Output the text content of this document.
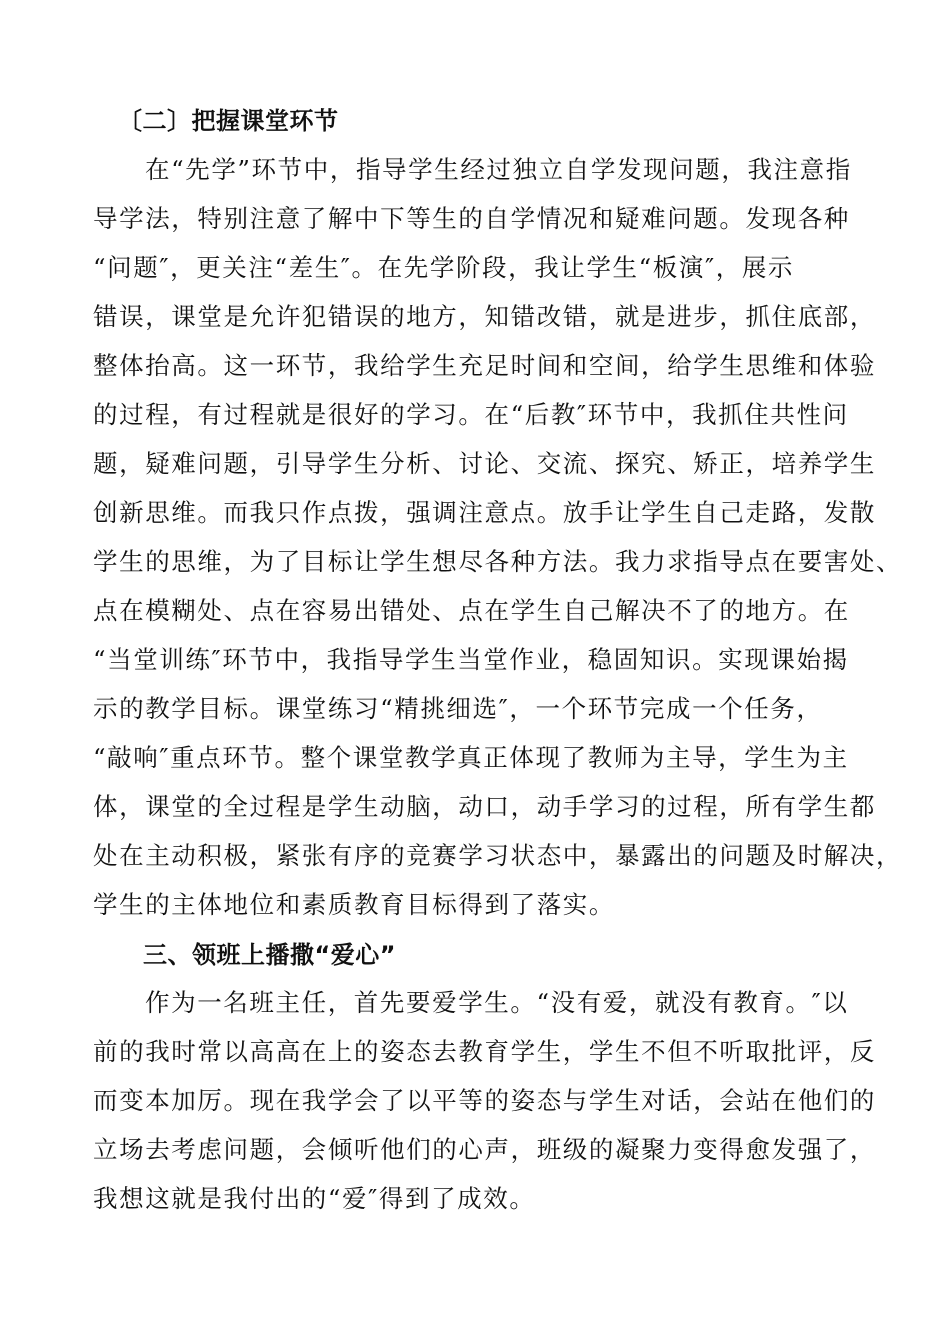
〔二〕把握课堂环节
在“先学”环节中，指导学生经过独立自学发现问题，我注意指
导学法，特别注意了解中下等生的自学情况和疑难问题。发现各种
“问题″，更关注“差生″。在先学阶段，我让学生“板演″，展示
错误，课堂是允许犯错误的地方，知错改错，就是进步，抓住底部，
整体抬高。这一环节，我给学生充足时间和空间，给学生思维和体验
的过程，有过程就是很好的学习。在“后教″环节中，我抓住共性问
题，疑难问题，引导学生分析、讨论、交流、探究、矫正，培养学生
创新思维。而我只作点拨，强调注意点。放手让学生自己走路，发散
学生的思维，为了目标让学生想尽各种方法。我力求指导点在要害处、
点在模糊处、点在容易出错处、点在学生自己解决不了的地方。在
“当堂训练″环节中，我指导学生当堂作业，稳固知识。实现课始揭
示的教学目标。课堂练习“精挑细选″，一个环节完成一个任务，
“敲响″重点环节。整个课堂教学真正体现了教师为主导，学生为主
体，课堂的全过程是学生动脑，动口，动手学习的过程，所有学生都
处在主动积极，紧张有序的竞赛学习状态中，暴露出的问题及时解决，
学生的主体地位和素质教育目标得到了落实。
三、领班上播撒“爱心”
作为一名班主任，首先要爱学生。“没有爱，就没有教育。″以
前的我时常以高高在上的姿态去教育学生，学生不但不听取批评，反
而变本加厉。现在我学会了以平等的姿态与学生对话，会站在他们的
立场去考虑问题，会倾听他们的心声，班级的凝聚力变得愈发强了，
我想这就是我付出的“爱″得到了成效。
